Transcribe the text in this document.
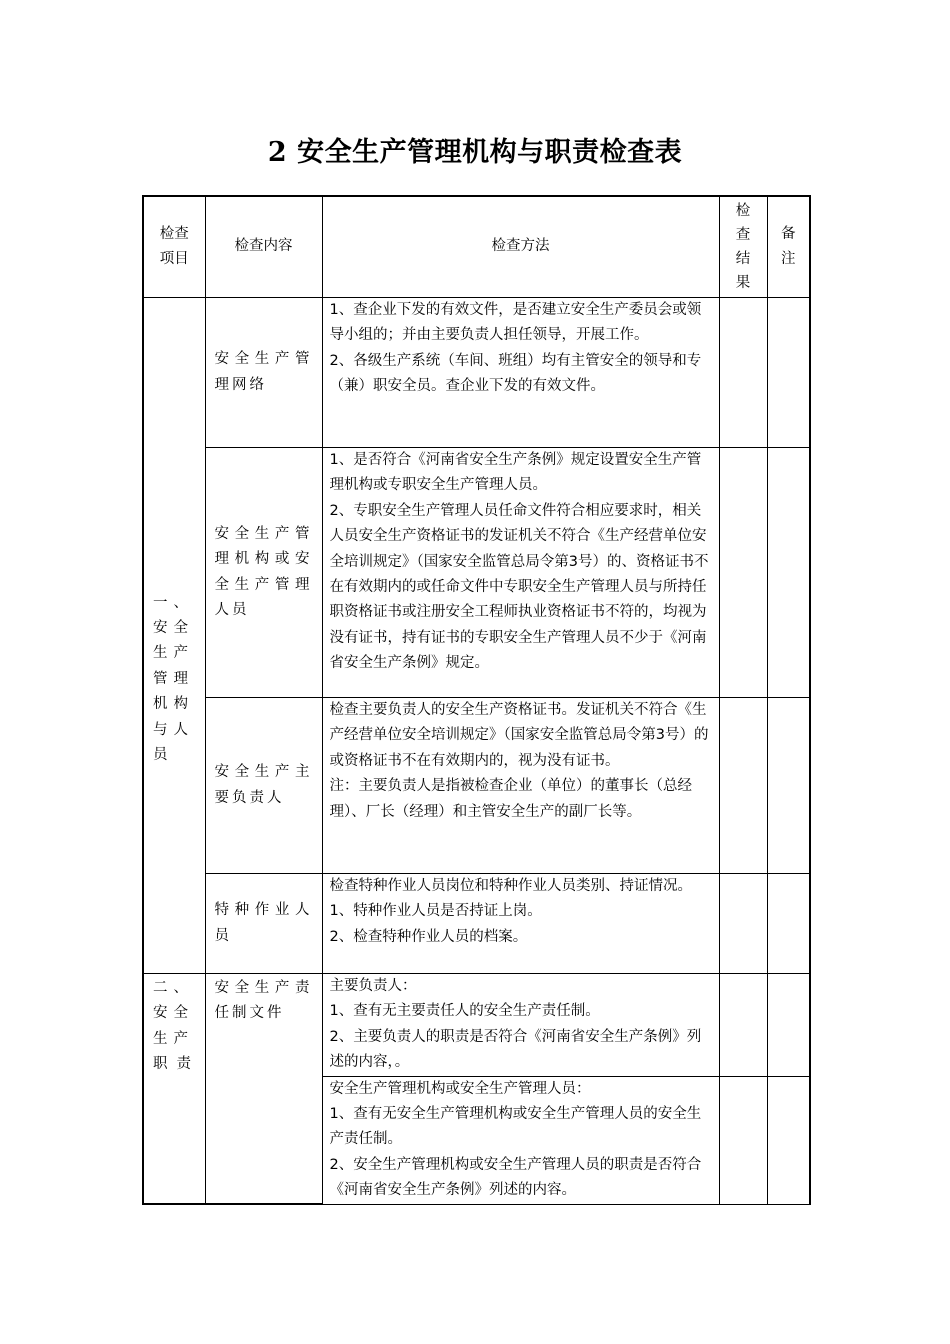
2 安全生产管理机构与职责检查表
检查项目	检查内容	检查方法	检查结果	备注

一、安全生产管理机构与人员	安全生产管理网络	1、查企业下发的有效文件，是否建立安全生产委员会或领导小组的；并由主要负责人担任领导，开展工作。
2、各级生产系统（车间、班组）均有主管安全的领导和专（兼）职安全员。查企业下发的有效文件。		

	安全生产管理机构或安全生产管理人员	1、是否符合《河南省安全生产条例》规定设置安全生产管理机构或专职安全生产管理人员。
2、专职安全生产管理人员任命文件符合相应要求时，相关人员安全生产资格证书的发证机关不符合《生产经营单位安全培训规定》（国家安全监管总局令第3号）的、资格证书不在有效期内的或任命文件中专职安全生产管理人员与所持任职资格证书或注册安全工程师执业资格证书不符的，均视为没有证书，持有证书的专职安全生产管理人员不少于《河南省安全生产条例》规定。		

	安全生产主要负责人	检查主要负责人的安全生产资格证书。发证机关不符合《生产经营单位安全培训规定》（国家安全监管总局令第3号）的或资格证书不在有效期内的，视为没有证书。
注：主要负责人是指被检查企业（单位）的董事长（总经理）、厂长（经理）和主管安全生产的副厂长等。		

	特种作业人员	检查特种作业人员岗位和特种作业人员类别、持证情况。
1、特种作业人员是否持证上岗。
2、检查特种作业人员的档案。		

二、安全生产职责	安全生产责任制文件	主要负责人：
1、查有无主要责任人的安全生产责任制。
2、主要负责人的职责是否符合《河南省安全生产条例》列述的内容，。		

		安全生产管理机构或安全生产管理人员：
1、查有无安全生产管理机构或安全生产管理人员的安全生产责任制。
2、安全生产管理机构或安全生产管理人员的职责是否符合《河南省安全生产条例》列述的内容。		
